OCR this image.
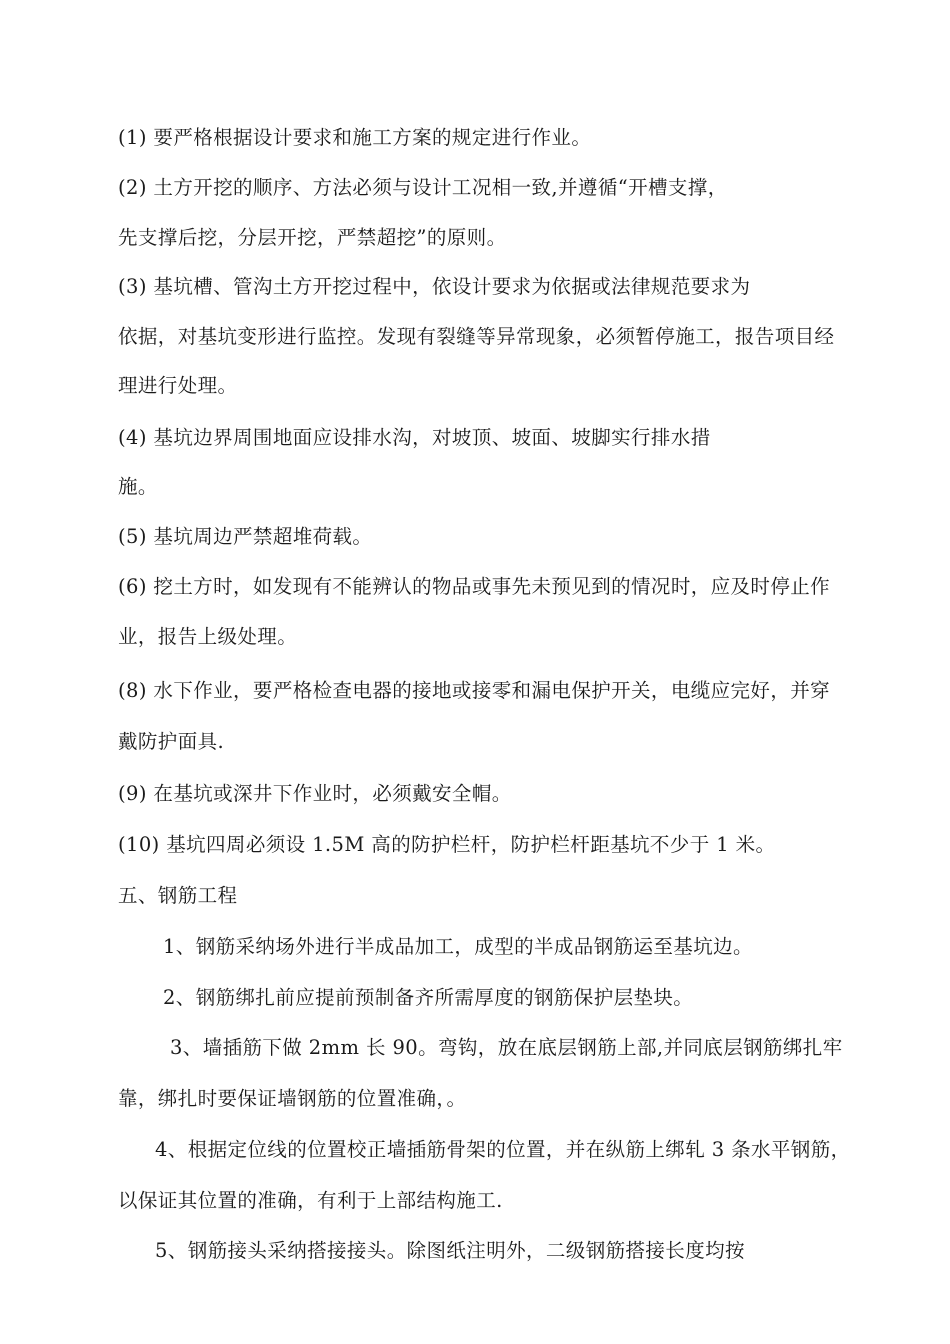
(1) 要严格根据设计要求和施工方案的规定进行作业。
(2) 土方开挖的顺序、方法必须与设计工况相一致,并遵循“开槽支撑，
先支撑后挖，分层开挖，严禁超挖”的原则。
(3) 基坑槽、管沟土方开挖过程中，依设计要求为依据或法律规范要求为
依据，对基坑变形进行监控。发现有裂缝等异常现象，必须暂停施工，报告项目经
理进行处理。
(4) 基坑边界周围地面应设排水沟，对坡顶、坡面、坡脚实行排水措
施。
(5) 基坑周边严禁超堆荷载。
(6) 挖土方时，如发现有不能辨认的物品或事先未预见到的情况时，应及时停止作
业，报告上级处理。
(8) 水下作业，要严格检查电器的接地或接零和漏电保护开关，电缆应完好，并穿
戴防护面具.
(9) 在基坑或深井下作业时，必须戴安全帽。
(10) 基坑四周必须设 1.5M 高的防护栏杆，防护栏杆距基坑不少于 1 米。
五、钢筋工程
1、钢筋采纳场外进行半成品加工，成型的半成品钢筋运至基坑边。
2、钢筋绑扎前应提前预制备齐所需厚度的钢筋保护层垫块。
3、墙插筋下做 2mm 长 90。弯钩，放在底层钢筋上部,并同底层钢筋绑扎牢
靠，绑扎时要保证墙钢筋的位置准确，。
4、根据定位线的位置校正墙插筋骨架的位置，并在纵筋上绑轧 3 条水平钢筋，
以保证其位置的准确，有利于上部结构施工.
5、钢筋接头采纳搭接接头。除图纸注明外，二级钢筋搭接长度均按
